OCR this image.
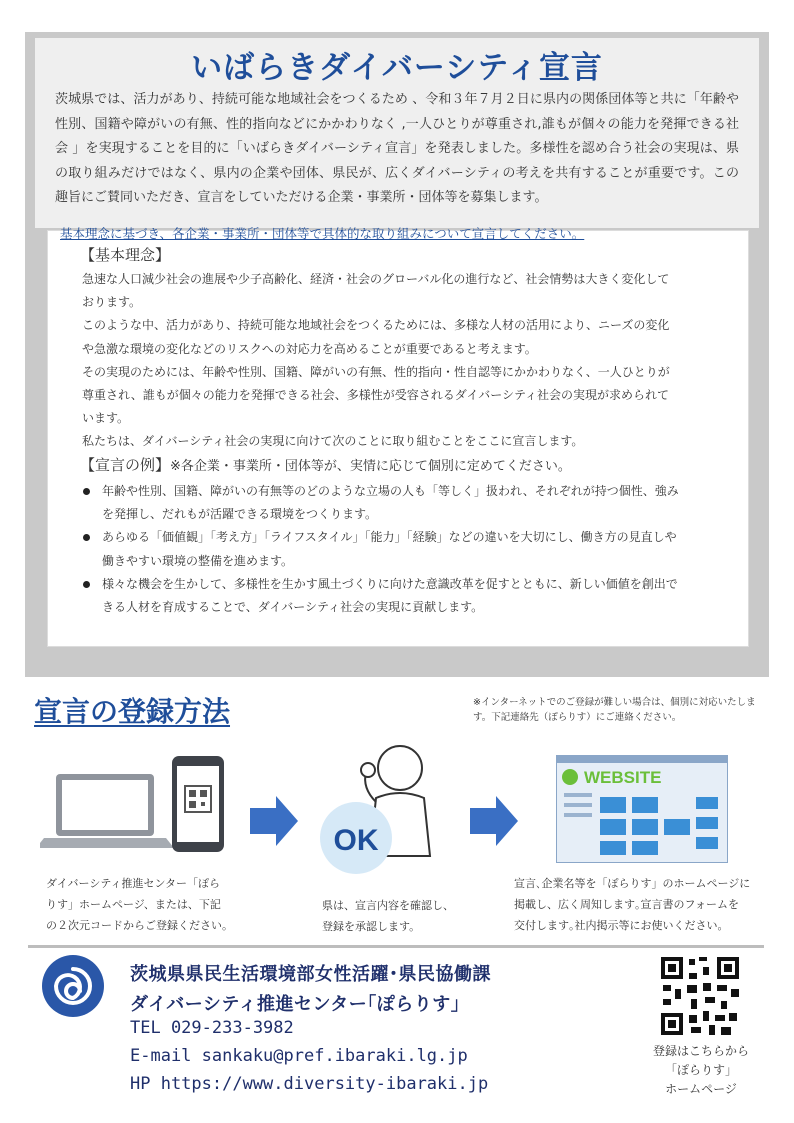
いばらきダイバーシティ宣言
茨城県では、活力があり、持続可能な地域社会をつくるため 、令和３年７月２日に県内の関係団体等と共に「年齢や性別、国籍や障がいの有無、性的指向などにかかわりなく ,一人ひとりが尊重され,誰もが個々の能力を発揮できる社会 」を実現することを目的に「いばらきダイバーシティ宣言」を発表しました。多様性を認め合う社会の実現は、県の取り組みだけではなく、県内の企業や団体、県民が、広くダイバーシティの考えを共有することが重要です。この趣旨にご賛同いただき、宣言をしていただける企業・事業所・団体等を募集します。
基本理念に基づき、各企業・事業所・団体等で具体的な取り組みについて宣言してください。
【基本理念】

急速な人口減少社会の進展や少子高齢化、経済・社会のグローバル化の進行など、社会情勢は大きく変化しております。

このような中、活力があり、持続可能な地域社会をつくるためには、多様な人材の活用により、ニーズの変化や急激な環境の変化などのリスクへの対応力を高めることが重要であると考えます。

その実現のためには、年齢や性別、国籍、障がいの有無、性的指向・性自認等にかかわりなく、一人ひとりが尊重され、誰もが個々の能力を発揮できる社会、多様性が受容されるダイバーシティ社会の実現が求められています。

私たちは、ダイバーシティ社会の実現に向けて次のことに取り組むことをここに宣言します。

【宣言の例】※各企業・事業所・団体等が、実情に応じて個別に定めてください。
年齢や性別、国籍、障がいの有無等のどのような立場の人も「等しく」扱われ、それぞれが持つ個性、強みを発揮し、だれもが活躍できる環境をつくります。
あらゆる「価値観」「考え方」「ライフスタイル」「能力」「経験」などの違いを大切にし、働き方の見直しや働きやすい環境の整備を進めます。
様々な機会を生かして、多様性を生かす風土づくりに向けた意識改革を促すとともに、新しい価値を創出できる人材を育成することで、ダイバーシティ社会の実現に貢献します。
宣言の登録方法	※インターネットでのご登録が難しい場合は、個別に対応いたします。下記連絡先（ぽらりす）にご連絡ください。
OK
WEBSITE
ダイバーシティ推進センター「ぽら
りす」ホームページ、または、下記
の２次元コードからご登録ください。
県は、宣言内容を確認し、
登録を承認します。
宣言､企業名等を「ぽらりす」のホームページに
掲載し、広く周知します｡宣言書のフォームを
交付します｡社内掲示等にお使いください。
茨城県県民生活環境部女性活躍･県民協働課
ダイバーシティ推進センター｢ぽらりす｣
TEL 029-233-3982
E-mail sankaku@pref.ibaraki.lg.jp
HP https://www.diversity-ibaraki.jp
登録はこちらから
「ぽらりす」
ホームページ
